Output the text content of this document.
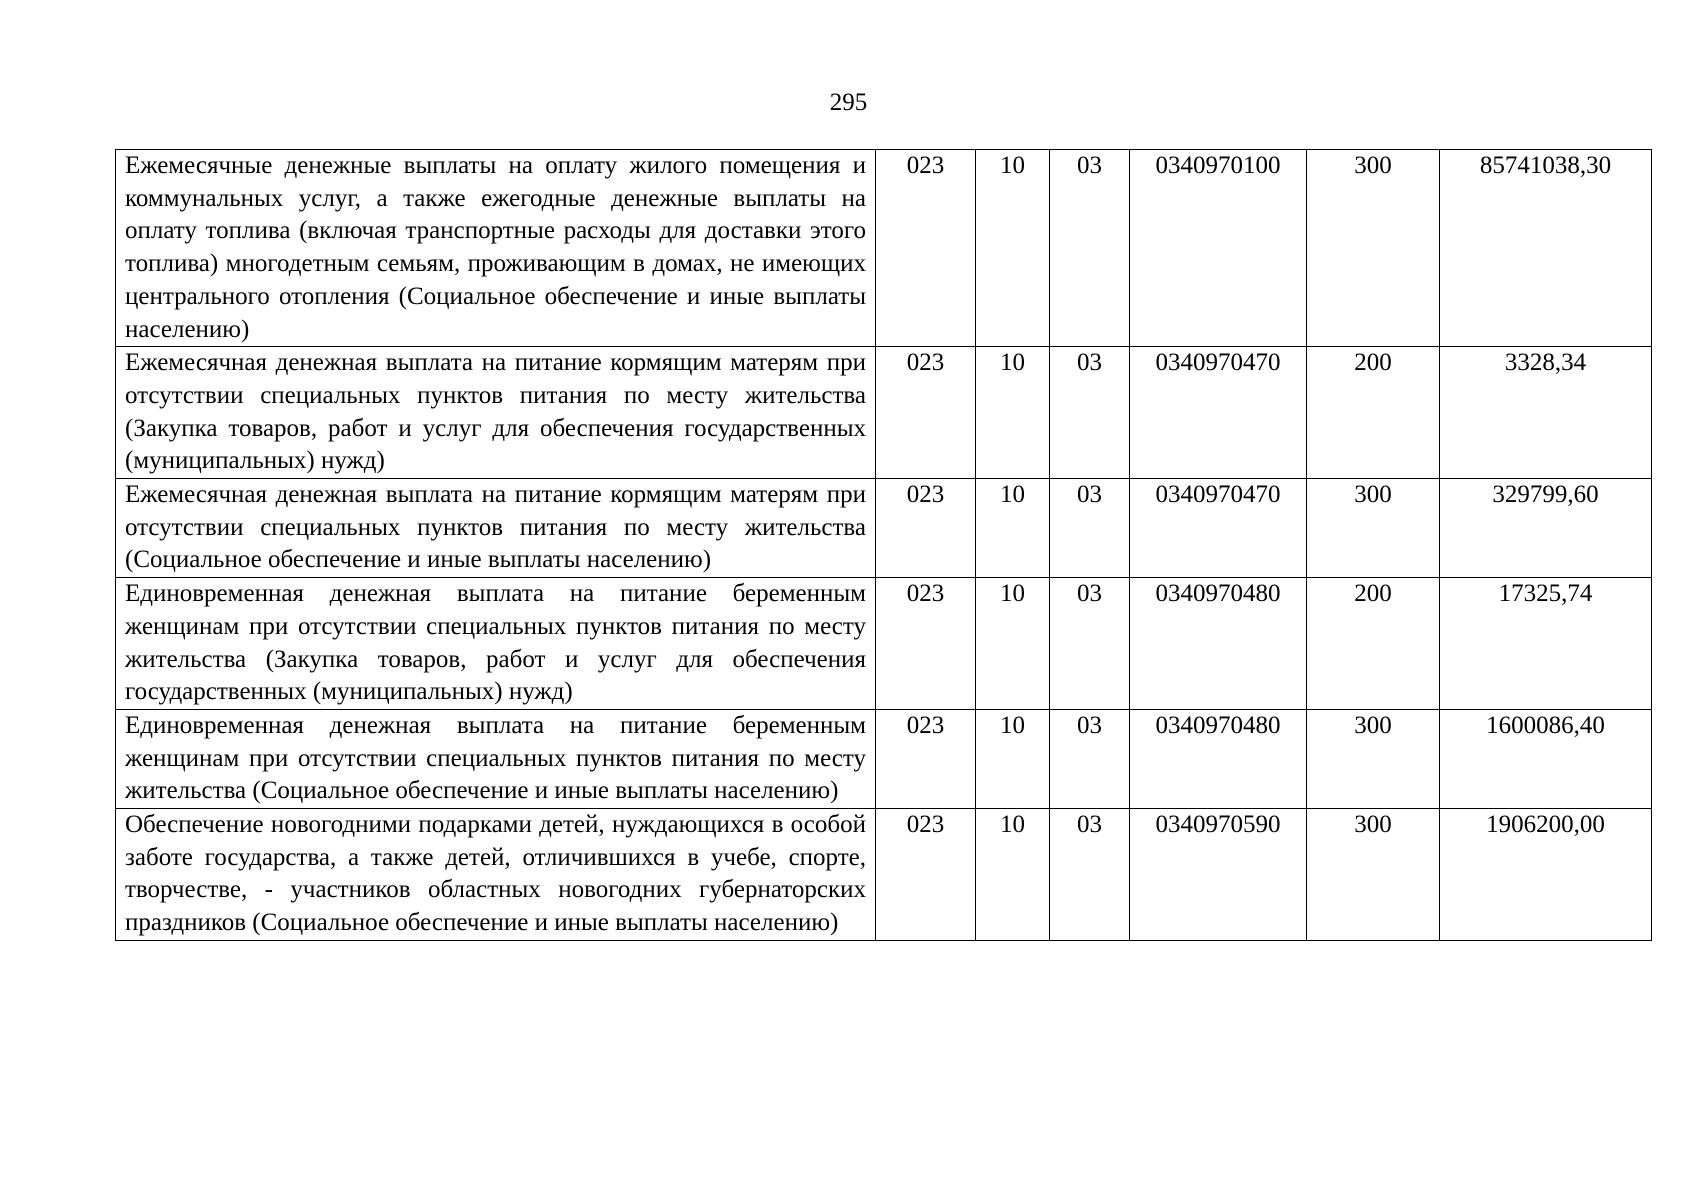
295
Ежемесячные денежные выплаты на оплату жилого помещения и коммунальных услуг, а также ежегодные денежные выплаты на оплату топлива (включая транспортные расходы для доставки этого топлива) многодетным семьям, проживающим в домах, не имеющих центрального отопления (Социальное обеспечение и иные выплаты населению)	023	10	03	0340970100	300	85741038,30
Ежемесячная денежная выплата на питание кормящим матерям при отсутствии специальных пунктов питания по месту жительства (Закупка товаров, работ и услуг для обеспечения государственных (муниципальных) нужд)	023	10	03	0340970470	200	3328,34
Ежемесячная денежная выплата на питание кормящим матерям при отсутствии специальных пунктов питания по месту жительства (Социальное обеспечение и иные выплаты населению)	023	10	03	0340970470	300	329799,60
Единовременная денежная выплата на питание беременным женщинам при отсутствии специальных пунктов питания по месту жительства (Закупка товаров, работ и услуг для обеспечения государственных (муниципальных) нужд)	023	10	03	0340970480	200	17325,74
Единовременная денежная выплата на питание беременным женщинам при отсутствии специальных пунктов питания по месту жительства (Социальное обеспечение и иные выплаты населению)	023	10	03	0340970480	300	1600086,40
Обеспечение новогодними подарками детей, нуждающихся в особой заботе государства, а также детей, отличившихся в учебе, спорте, творчестве, - участников областных новогодних губернаторских праздников (Социальное обеспечение и иные выплаты населению)	023	10	03	0340970590	300	1906200,00
